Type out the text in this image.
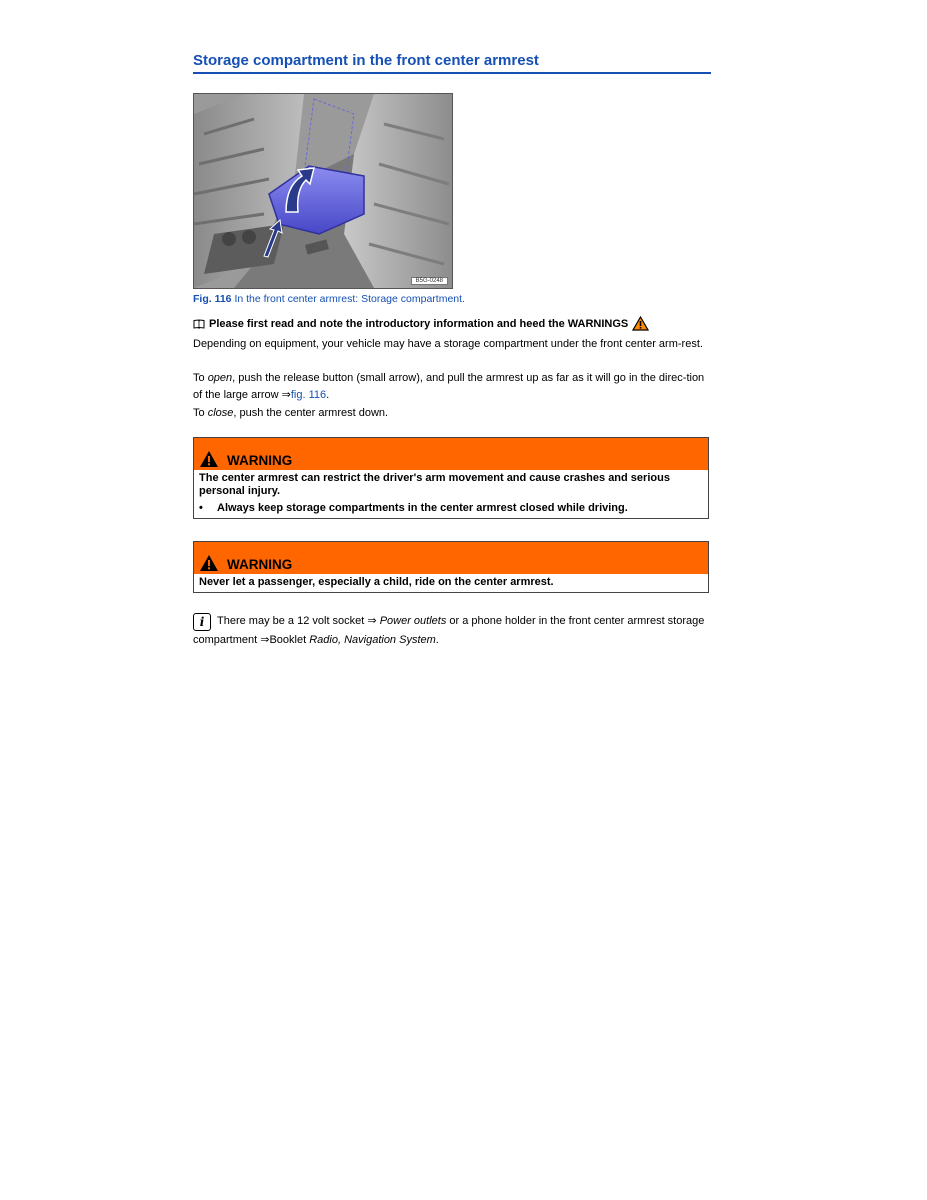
Storage compartment in the front center armrest
B5G-0248
Fig. 116 In the front center armrest: Storage compartment.
Please first read and note the introductory information and heed the WARNINGS
Depending on equipment, your vehicle may have a storage compartment under the front center arm-rest.
To open, push the release button (small arrow), and pull the armrest up as far as it will go in the direc-tion of the large arrow ⇒fig. 116.
To close, push the center armrest down.
WARNING
The center armrest can restrict the driver's arm movement and cause crashes and serious personal injury.
•	Always keep storage compartments in the center armrest closed while driving.
WARNING
Never let a passenger, especially a child, ride on the center armrest.
i There may be a 12 volt socket ⇒ Power outlets or a phone holder in the front center armrest storage compartment ⇒Booklet Radio, Navigation System.
